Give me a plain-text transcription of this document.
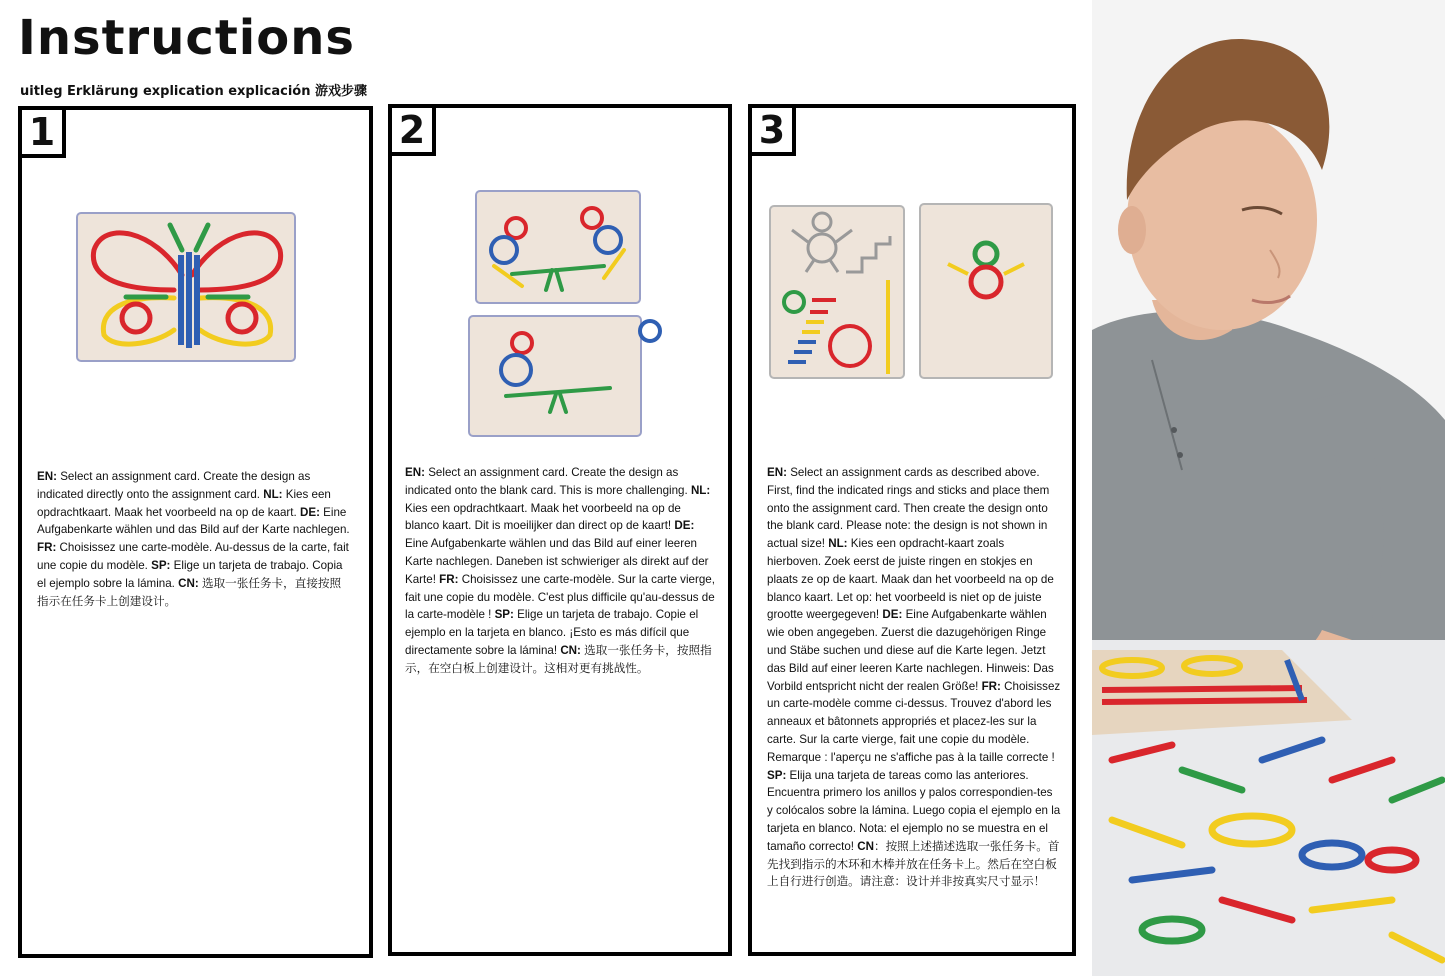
Instructions
uitleg Erklärung explication explicación 游戏步骤
1
EN: Select an assignment card. Create the design as indicated directly onto the assignment card. NL: Kies een opdrachtkaart. Maak het voorbeeld na op de kaart. DE: Eine Aufgabenkarte wählen und das Bild auf der Karte nachlegen. FR: Choisissez une carte-modèle. Au-dessus de la carte, fait une copie du modèle. SP: Elige un tarjeta de trabajo. Copia el ejemplo sobre la lámina. CN: 选取一张任务卡，直接按照指示在任务卡上创建设计。
2
EN: Select an assignment card. Create the design as indicated onto the blank card. This is more challenging. NL: Kies een opdrachtkaart. Maak het voorbeeld na op de blanco kaart. Dit is moeilijker dan direct op de kaart! DE: Eine Aufgabenkarte wählen und das Bild auf einer leeren Karte nachlegen. Daneben ist schwieriger als direkt auf der Karte! FR: Choisissez une carte-modèle. Sur la carte vierge, fait une copie du modèle. C'est plus difficile qu'au-dessus de la carte-modèle ! SP: Elige un tarjeta de trabajo. Copie el ejemplo en la tarjeta en blanco. ¡Esto es más difícil que directamente sobre la lámina! CN: 选取一张任务卡，按照指示，在空白板上创建设计。这相对更有挑战性。
3
EN: Select an assignment cards as described above. First, find the indicated rings and sticks and place them onto the assignment card. Then create the design onto the blank card. Please note: the design is not shown in actual size! NL: Kies een opdracht-kaart zoals hierboven. Zoek eerst de juiste ringen en stokjes en plaats ze op de kaart. Maak dan het voorbeeld na op de blanco kaart. Let op: het voorbeeld is niet op de juiste grootte weergegeven! DE: Eine Aufgabenkarte wählen wie oben angegeben. Zuerst die dazugehörigen Ringe und Stäbe suchen und diese auf die Karte legen. Jetzt das Bild auf einer leeren Karte nachlegen. Hinweis: Das Vorbild entspricht nicht der realen Größe! FR: Choisissez un carte-modèle comme ci-dessus. Trouvez d'abord les anneaux et bâtonnets appropriés et placez-les sur la carte. Sur la carte vierge, fait une copie du modèle. Remarque : l'aperçu ne s'affiche pas à la taille correcte ! SP: Elija una tarjeta de tareas como las anteriores. Encuentra primero los anillos y palos correspondien-tes y colócalos sobre la lámina. Luego copia el ejemplo en la tarjeta en blanco. Nota: el ejemplo no se muestra en el tamaño correcto! CN：按照上述描述选取一张任务卡。首先找到指示的木环和木棒并放在任务卡上。然后在空白板上自行进行创造。请注意：设计并非按真实尺寸显示！
